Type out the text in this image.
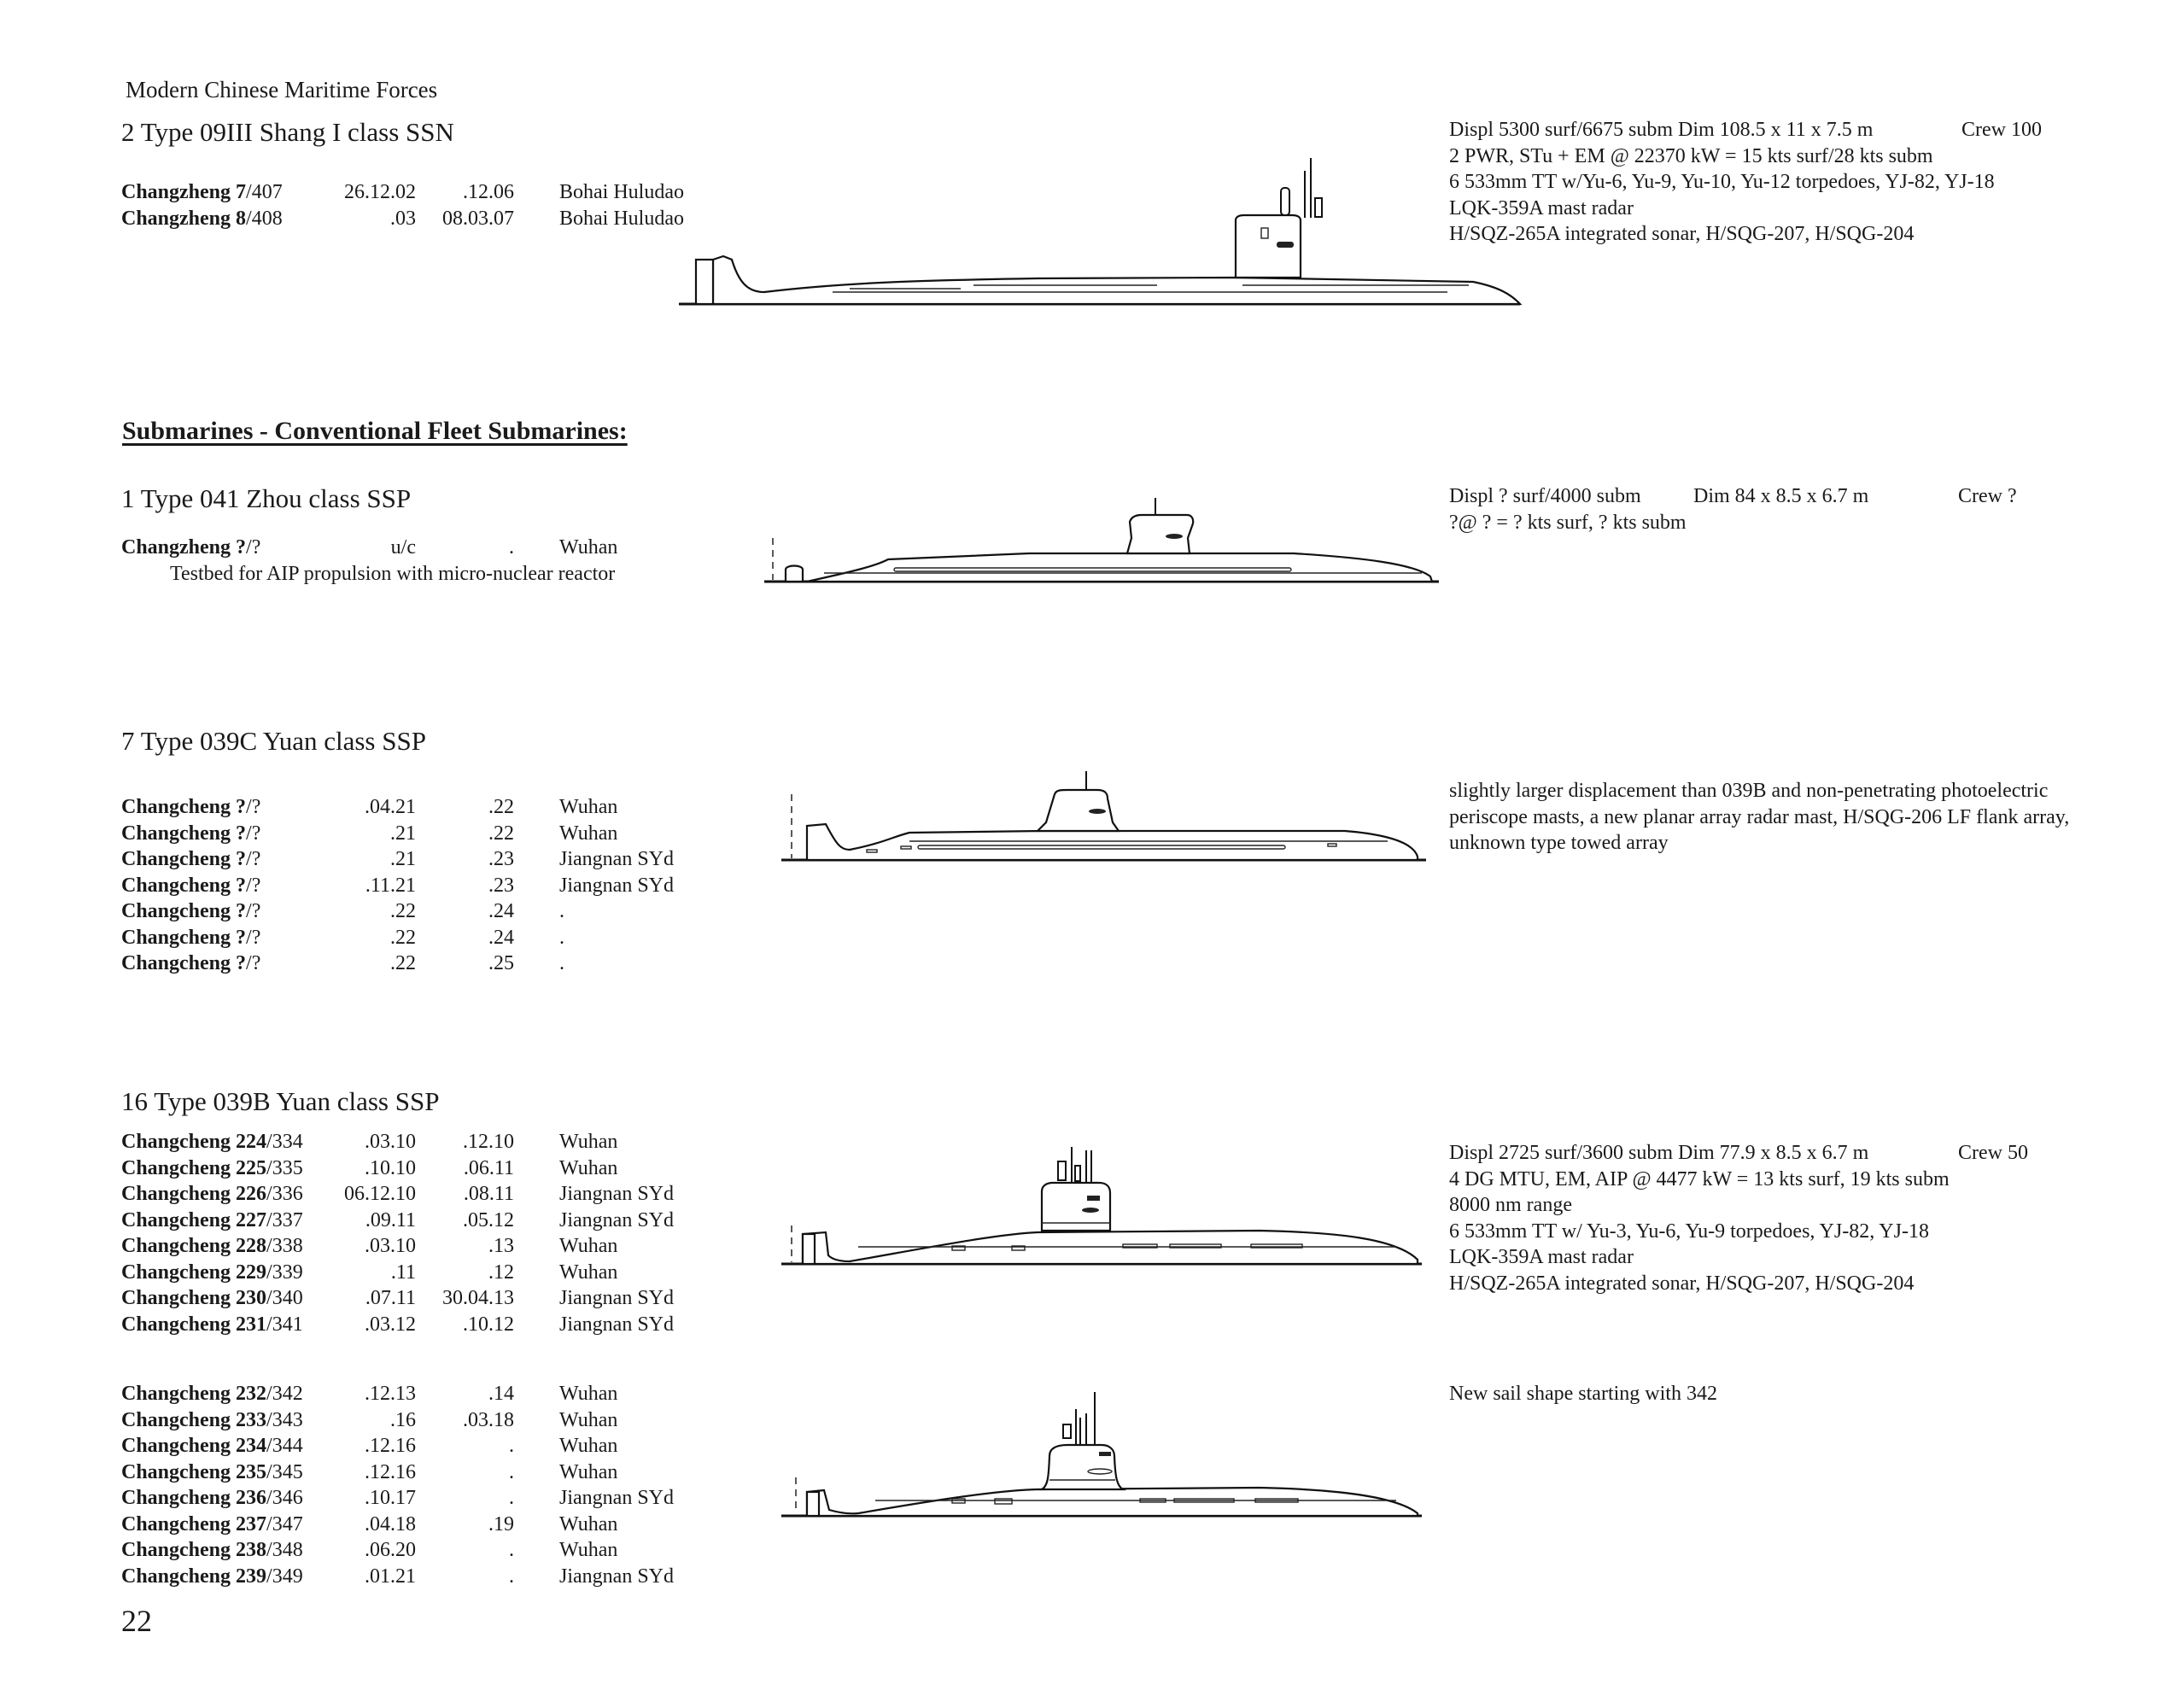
Modern Chinese Maritime Forces
2 Type 09III Shang I class SSN
Changzheng 7/407	26.12.02 .12.06 Bohai Huludao
Changzheng 8/408	.03 08.03.07 Bohai Huludao
Displ 5300 surf/6675 subm Dim 108.5 x 11 x 7.5 m	Crew 100
2 PWR, STu + EM @ 22370 kW = 15 kts surf/28 kts subm
6 533mm TT w/Yu-6, Yu-9, Yu-10, Yu-12 torpedoes, YJ-82, YJ-18
LQK-359A mast radar
H/SQZ-265A integrated sonar, H/SQG-207, H/SQG-204
Submarines - Conventional Fleet Submarines:
1 Type 041 Zhou class SSP
Changzheng ?/?	u/c	. Wuhan
Testbed for AIP propulsion with micro-nuclear reactor
Displ ? surf/4000 subm	Dim 84 x 8.5 x 6.7 m	Crew ?
?@ ? = ? kts surf, ? kts subm
7 Type 039C Yuan class SSP
Changcheng ?/?	.04.21	.22 Wuhan
Changcheng ?/?	.21	.22 Wuhan
Changcheng ?/?	.21	.23 Jiangnan SYd
Changcheng ?/?	.11.21	.23 Jiangnan SYd
Changcheng ?/?	.22	.24 .
Changcheng ?/?	.22	.24 .
Changcheng ?/?	.22	.25 .
slightly larger displacement than 039B and non-penetrating photoelectric periscope masts, a new planar array radar mast, H/SQG-206 LF flank array, unknown type towed array
16 Type 039B Yuan class SSP
Changcheng 224/334	.03.10 .12.10 Wuhan
Changcheng 225/335	.10.10 .06.11 Wuhan
Changcheng 226/336 06.12.10 .08.11 Jiangnan SYd
Changcheng 227/337	.09.11 .05.12 Jiangnan SYd
Changcheng 228/338	.03.10	.13 Wuhan
Changcheng 229/339	.11	.12 Wuhan
Changcheng 230/340	.07.11 30.04.13 Jiangnan SYd
Changcheng 231/341	.03.12 .10.12 Jiangnan SYd
Changcheng 232/342	.12.13	.14 Wuhan
Changcheng 233/343	.16 .03.18 Wuhan
Changcheng 234/344	.12.16	. Wuhan
Changcheng 235/345	.12.16	. Wuhan
Changcheng 236/346	.10.17	. Jiangnan SYd
Changcheng 237/347	.04.18	.19 Wuhan
Changcheng 238/348	.06.20	. Wuhan
Changcheng 239/349	.01.21	. Jiangnan SYd
Displ 2725 surf/3600 subm Dim 77.9 x 8.5 x 6.7 m	Crew 50
4 DG MTU, EM, AIP @ 4477 kW = 13 kts surf, 19 kts subm
8000 nm range
6 533mm TT w/ Yu-3, Yu-6, Yu-9 torpedoes, YJ-82, YJ-18
LQK-359A mast radar
H/SQZ-265A integrated sonar, H/SQG-207, H/SQG-204
New sail shape starting with 342
22
